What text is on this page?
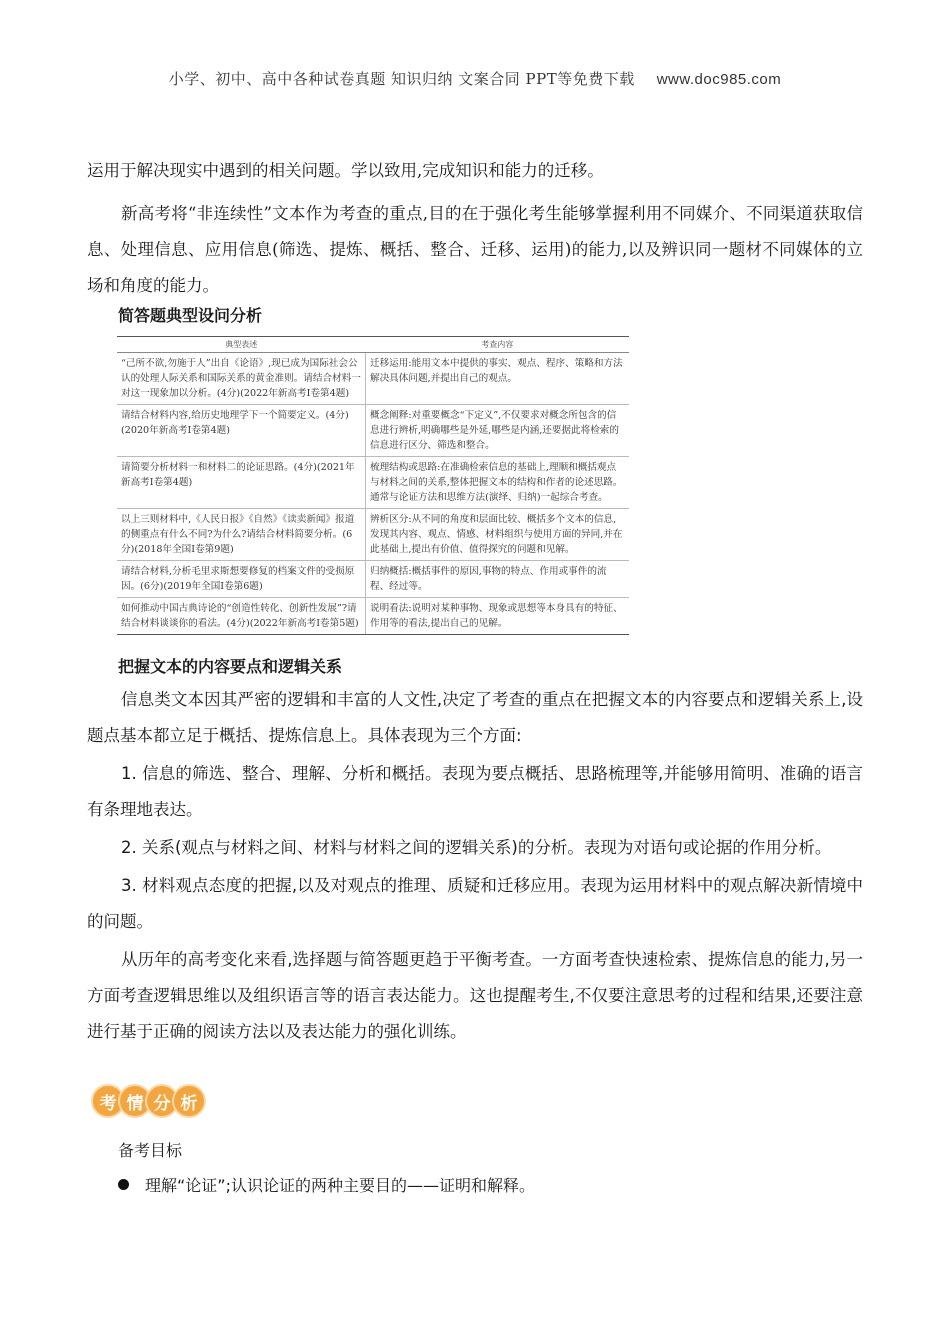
小学、初中、高中各种试卷真题 知识归纳 文案合同 PPT等免费下载 www.doc985.com

运用于解决现实中遇到的相关问题。学以致用,完成知识和能力的迁移。

新高考将“非连续性”文本作为考查的重点,目的在于强化考生能够掌握利用不同媒介、不同渠道获取信息、处理信息、应用信息(筛选、提炼、概括、整合、迁移、运用)的能力,以及辨识同一题材不同媒体的立场和角度的能力。

简答题典型设问分析
典型表述	考查内容
“己所不欲,勿施于人”出自《论语》,现已成为国际社会公认的处理人际关系和国际关系的黄金准则。请结合材料一对这一现象加以分析。(4分)(2022年新高考Ⅰ卷第4题)	迁移运用:能用文本中提供的事实、观点、程序、策略和方法解决具体问题,并提出自己的观点。
请结合材料内容,给历史地理学下一个简要定义。(4分)(2020年新高考Ⅰ卷第4题)	概念阐释:对重要概念“下定义”,不仅要求对概念所包含的信息进行辨析,明确哪些是外延,哪些是内涵,还要据此将检索的信息进行区分、筛选和整合。
请简要分析材料一和材料二的论证思路。(4分)(2021年新高考Ⅰ卷第4题)	梳理结构或思路:在准确检索信息的基础上,理顺和概括观点与材料之间的关系,整体把握文本的结构和作者的论述思路。通常与论证方法和思维方法(演绎、归纳)一起综合考查。
以上三则材料中,《人民日报》《自然》《读卖新闻》报道的侧重点有什么不同?为什么?请结合材料简要分析。(6分)(2018年全国Ⅰ卷第9题)	辨析区分:从不同的角度和层面比较、概括多个文本的信息,发现其内容、观点、情感、材料组织与使用方面的异同,并在此基础上,提出有价值、值得探究的问题和见解。
请结合材料,分析毛里求斯想要修复的档案文件的受损原因。(6分)(2019年全国Ⅰ卷第6题)	归纳概括:概括事件的原因,事物的特点、作用或事件的流程、经过等。
如何推动中国古典诗论的“创造性转化、创新性发展”?请结合材料谈谈你的看法。(4分)(2022年新高考Ⅰ卷第5题)	说明看法:说明对某种事物、现象或思想等本身具有的特征、作用等的看法,提出自己的见解。
把握文本的内容要点和逻辑关系

信息类文本因其严密的逻辑和丰富的人文性,决定了考查的重点在把握文本的内容要点和逻辑关系上,设题点基本都立足于概括、提炼信息上。具体表现为三个方面:

1. 信息的筛选、整合、理解、分析和概括。表现为要点概括、思路梳理等,并能够用简明、准确的语言有条理地表达。

2. 关系(观点与材料之间、材料与材料之间的逻辑关系)的分析。表现为对语句或论据的作用分析。

3. 材料观点态度的把握,以及对观点的推理、质疑和迁移应用。表现为运用材料中的观点解决新情境中的问题。

从历年的高考变化来看,选择题与简答题更趋于平衡考查。一方面考查快速检索、提炼信息的能力,另一方面考查逻辑思维以及组织语言等的语言表达能力。这也提醒考生,不仅要注意思考的过程和结果,还要注意进行基于正确的阅读方法以及表达能力的强化训练。

考 情 分 析
备考目标
理解“论证”;认识论证的两种主要目的——证明和解释。
